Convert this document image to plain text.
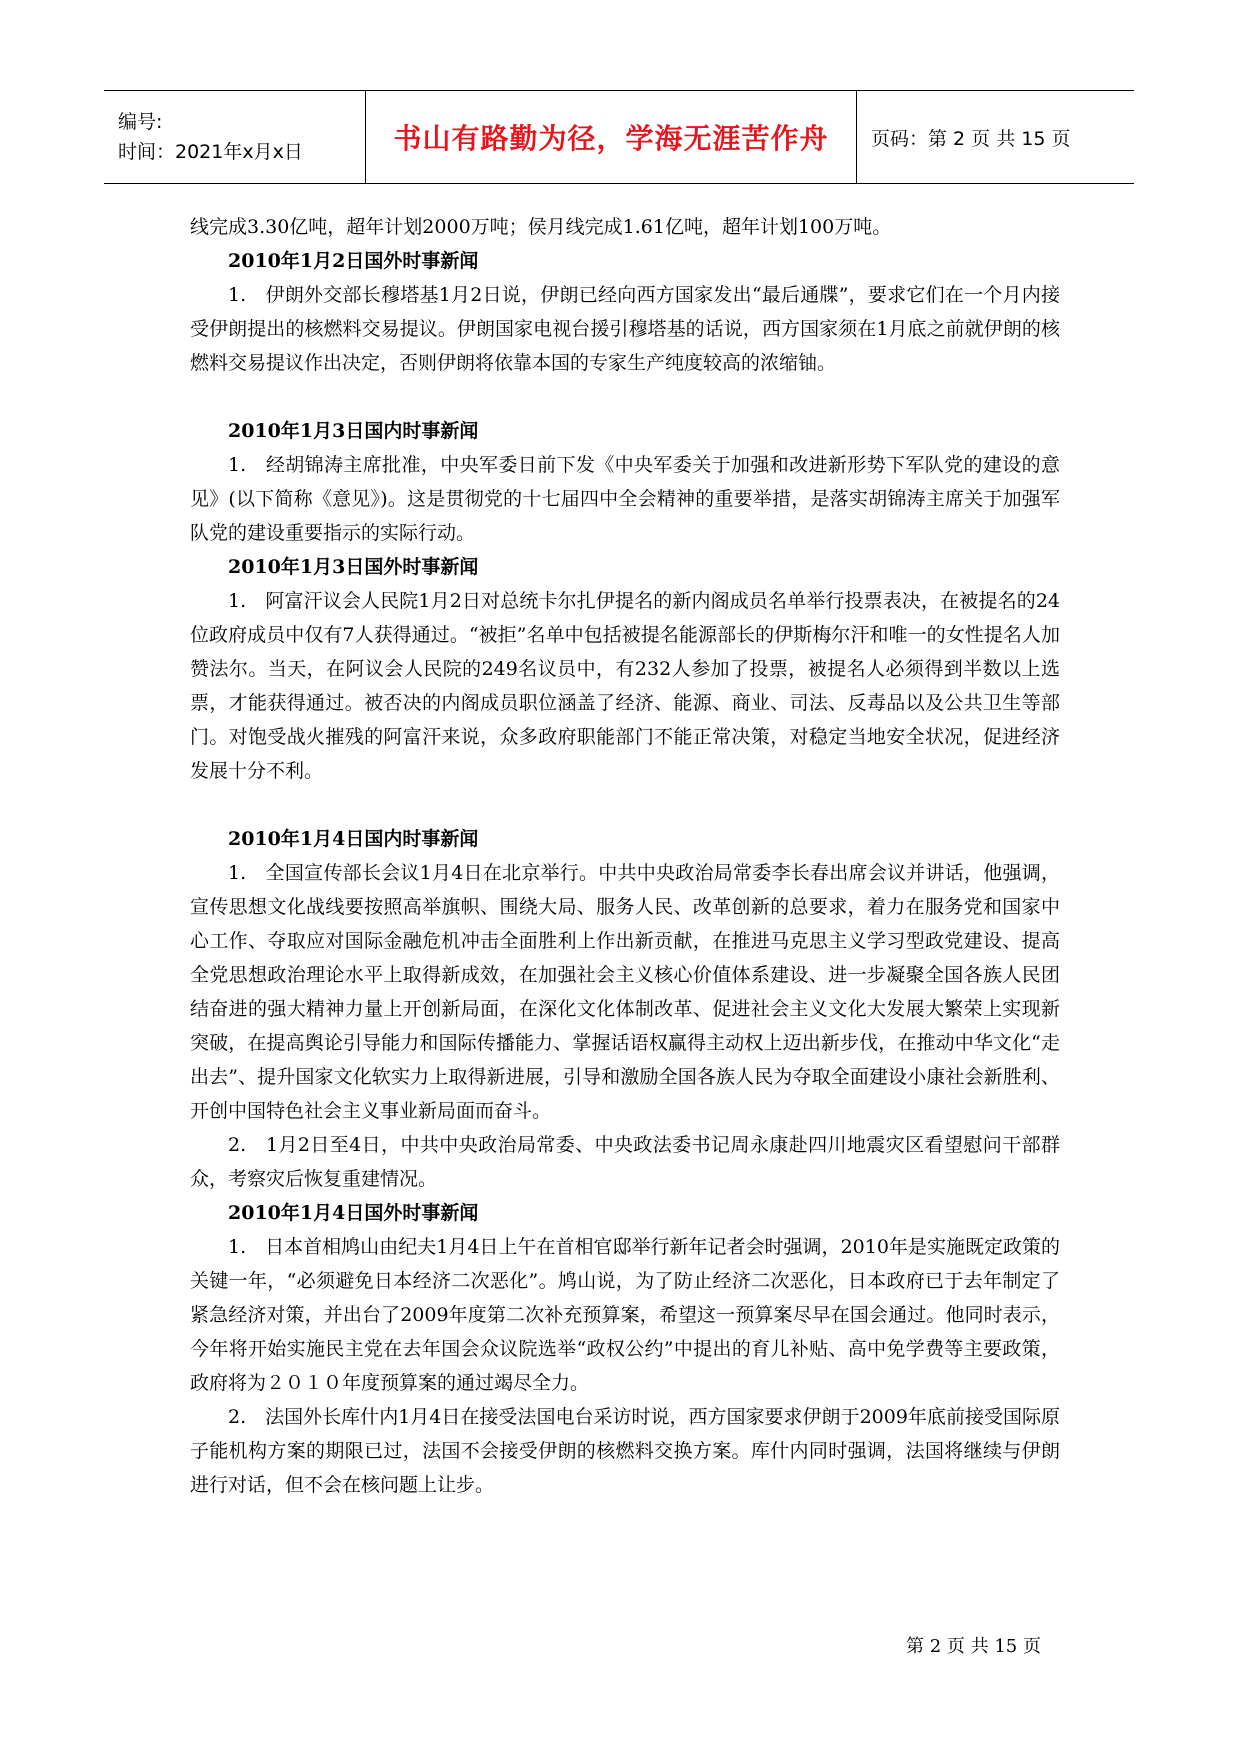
编号:
时间：2021年x月x日	书山有路勤为径，学海无涯苦作舟	页码：第 2 页 共 15 页

线完成3.30亿吨，超年计划2000万吨；侯月线完成1.61亿吨，超年计划100万吨。

2010年1月2日国外时事新闻

1.　伊朗外交部长穆塔基1月2日说，伊朗已经向西方国家发出“最后通牒”，要求它们在一个月内接受伊朗提出的核燃料交易提议。伊朗国家电视台援引穆塔基的话说，西方国家须在1月底之前就伊朗的核燃料交易提议作出决定，否则伊朗将依靠本国的专家生产纯度较高的浓缩铀。

2010年1月3日国内时事新闻

1.　经胡锦涛主席批准，中央军委日前下发《中央军委关于加强和改进新形势下军队党的建设的意见》(以下简称《意见》)。这是贯彻党的十七届四中全会精神的重要举措，是落实胡锦涛主席关于加强军队党的建设重要指示的实际行动。

2010年1月3日国外时事新闻

1.　阿富汗议会人民院1月2日对总统卡尔扎伊提名的新内阁成员名单举行投票表决，在被提名的24位政府成员中仅有7人获得通过。“被拒”名单中包括被提名能源部长的伊斯梅尔汗和唯一的女性提名人加赞法尔。当天，在阿议会人民院的249名议员中，有232人参加了投票，被提名人必须得到半数以上选票，才能获得通过。被否决的内阁成员职位涵盖了经济、能源、商业、司法、反毒品以及公共卫生等部门。对饱受战火摧残的阿富汗来说，众多政府职能部门不能正常决策，对稳定当地安全状况，促进经济发展十分不利。

2010年1月4日国内时事新闻

1.　全国宣传部长会议1月4日在北京举行。中共中央政治局常委李长春出席会议并讲话，他强调，宣传思想文化战线要按照高举旗帜、围绕大局、服务人民、改革创新的总要求，着力在服务党和国家中心工作、夺取应对国际金融危机冲击全面胜利上作出新贡献，在推进马克思主义学习型政党建设、提高全党思想政治理论水平上取得新成效，在加强社会主义核心价值体系建设、进一步凝聚全国各族人民团结奋进的强大精神力量上开创新局面，在深化文化体制改革、促进社会主义文化大发展大繁荣上实现新突破，在提高舆论引导能力和国际传播能力、掌握话语权赢得主动权上迈出新步伐，在推动中华文化“走出去”、提升国家文化软实力上取得新进展，引导和激励全国各族人民为夺取全面建设小康社会新胜利、开创中国特色社会主义事业新局面而奋斗。

2.　1月2日至4日，中共中央政治局常委、中央政法委书记周永康赴四川地震灾区看望慰问干部群众，考察灾后恢复重建情况。

2010年1月4日国外时事新闻

1.　日本首相鸠山由纪夫1月4日上午在首相官邸举行新年记者会时强调，2010年是实施既定政策的关键一年，“必须避免日本经济二次恶化”。鸠山说，为了防止经济二次恶化，日本政府已于去年制定了紧急经济对策，并出台了2009年度第二次补充预算案，希望这一预算案尽早在国会通过。他同时表示，今年将开始实施民主党在去年国会众议院选举“政权公约”中提出的育儿补贴、高中免学费等主要政策，政府将为２０１０年度预算案的通过竭尽全力。

2.　法国外长库什内1月4日在接受法国电台采访时说，西方国家要求伊朗于2009年底前接受国际原子能机构方案的期限已过，法国不会接受伊朗的核燃料交换方案。库什内同时强调，法国将继续与伊朗进行对话，但不会在核问题上让步。

第 2 页 共 15 页
